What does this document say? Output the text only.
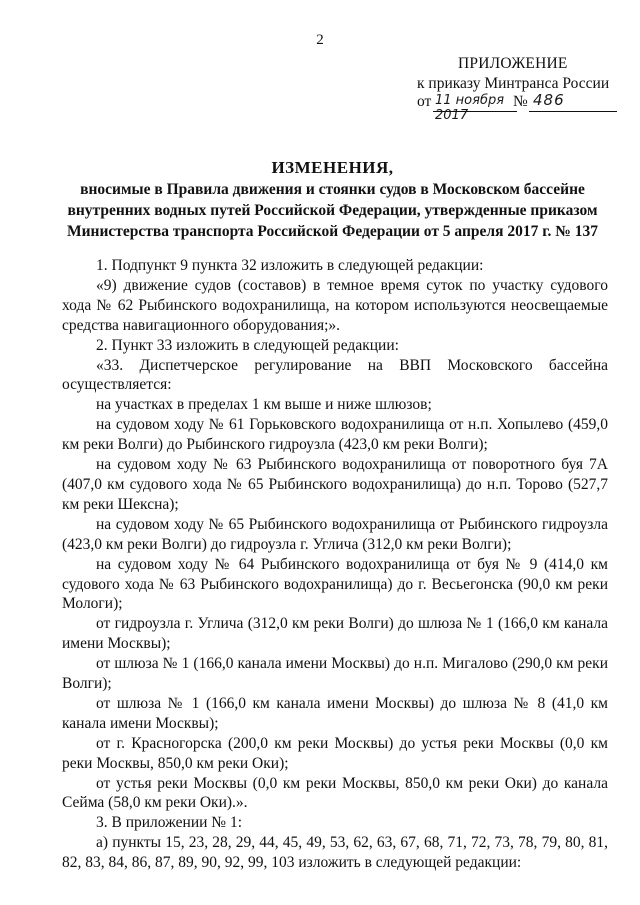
2
ПРИЛОЖЕНИЕ
к приказу Минтранса России
от 11 ноября 2017
№ 486
ИЗМЕНЕНИЯ,
вносимые в Правила движения и стоянки судов в Московском бассейне
внутренних водных путей Российской Федерации, утвержденные приказом
Министерства транспорта Российской Федерации от 5 апреля 2017 г. № 137

1. Подпункт 9 пункта 32 изложить в следующей редакции:

«9) движение судов (составов) в темное время суток по участку судового хода № 62 Рыбинского водохранилища, на котором используются неосвещаемые средства навигационного оборудования;».

2. Пункт 33 изложить в следующей редакции:

«33. Диспетчерское регулирование на ВВП Московского бассейна осуществляется:

на участках в пределах 1 км выше и ниже шлюзов;

на судовом ходу № 61 Горьковского водохранилища от н.п. Хопылево (459,0 км реки Волги) до Рыбинского гидроузла (423,0 км реки Волги);

на судовом ходу № 63 Рыбинского водохранилища от поворотного буя 7А (407,0 км судового хода № 65 Рыбинского водохранилища) до н.п. Торово (527,7 км реки Шексна);

на судовом ходу № 65 Рыбинского водохранилища от Рыбинского гидроузла (423,0 км реки Волги) до гидроузла г. Углича (312,0 км реки Волги);

на судовом ходу № 64 Рыбинского водохранилища от буя № 9 (414,0 км судового хода № 63 Рыбинского водохранилища) до г. Весьегонска (90,0 км реки Мологи);

от гидроузла г. Углича (312,0 км реки Волги) до шлюза № 1 (166,0 км канала имени Москвы);

от шлюза № 1 (166,0 канала имени Москвы) до н.п. Мигалово (290,0 км реки Волги);

от шлюза № 1 (166,0 км канала имени Москвы) до шлюза № 8 (41,0 км канала имени Москвы);

от г. Красногорска (200,0 км реки Москвы) до устья реки Москвы (0,0 км реки Москвы, 850,0 км реки Оки);

от устья реки Москвы (0,0 км реки Москвы, 850,0 км реки Оки) до канала Сейма (58,0 км реки Оки).».

3. В приложении № 1:

а) пункты 15, 23, 28, 29, 44, 45, 49, 53, 62, 63, 67, 68, 71, 72, 73, 78, 79, 80, 81, 82, 83, 84, 86, 87, 89, 90, 92, 99, 103 изложить в следующей редакции:
